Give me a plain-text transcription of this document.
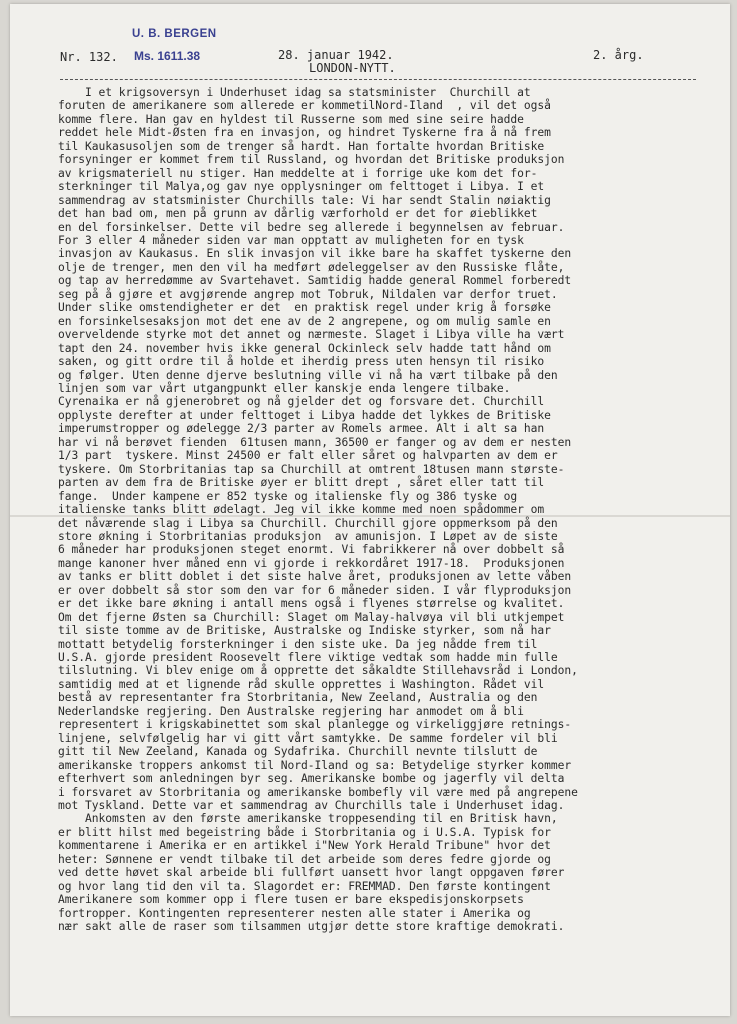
U. B. BERGEN
Ms. 1611.38
Nr. 132.	28. januar 1942.	2. årg.
LONDON-NYTT.
I et krigsoversyn i Underhuset idag sa statsminister  Churchill at
foruten de amerikanere som allerede er kommetilNord-Iland  , vil det også
komme flere. Han gav en hyldest til Russerne som med sine seire hadde
reddet hele Midt-Østen fra en invasjon, og hindret Tyskerne fra å nå frem
til Kaukasusoljen som de trenger så hardt. Han fortalte hvordan Britiske
forsyninger er kommet frem til Russland, og hvordan det Britiske produksjon
av krigsmateriell nu stiger. Han meddelte at i forrige uke kom det for-
sterkninger til Malya,og gav nye opplysninger om felttoget i Libya. I et
sammendrag av statsminister Churchills tale: Vi har sendt Stalin nøiaktig
det han bad om, men på grunn av dårlig værforhold er det for øieblikket
en del forsinkelser. Dette vil bedre seg allerede i begynnelsen av februar.
For 3 eller 4 måneder siden var man opptatt av muligheten for en tysk
invasjon av Kaukasus. En slik invasjon vil ikke bare ha skaffet tyskerne den
olje de trenger, men den vil ha medført ødeleggelser av den Russiske flåte,
og tap av herredømme av Svartehavet. Samtidig hadde general Rommel forberedt
seg på å gjøre et avgjørende angrep mot Tobruk, Nildalen var derfor truet.
Under slike omstendigheter er det  en praktisk regel under krig å forsøke
en forsinkelsesaksjon mot det ene av de 2 angrepene, og om mulig samle en
overveldende styrke mot det annet og nærmeste. Slaget i Libya ville ha vært
tapt den 24. november hvis ikke general Ockinleck selv hadde tatt hånd om
saken, og gitt ordre til å holde et iherdig press uten hensyn til risiko
og følger. Uten denne djerve beslutning ville vi nå ha vært tilbake på den
linjen som var vårt utgangpunkt eller kanskje enda lengere tilbake.
Cyrenaika er nå gjenerobret og nå gjelder det og forsvare det. Churchill
opplyste derefter at under felttoget i Libya hadde det lykkes de Britiske
imperumstropper og ødelegge 2/3 parter av Romels armee. Alt i alt sa han
har vi nå berøvet fienden  61tusen mann, 36500 er fanger og av dem er nesten
1/3 part  tyskere. Minst 24500 er falt eller såret og halvparten av dem er
tyskere. Om Storbritanias tap sa Churchill at omtrent 18tusen mann største-
parten av dem fra de Britiske øyer er blitt drept , såret eller tatt til
fange.  Under kampene er 852 tyske og italienske fly og 386 tyske og
italienske tanks blitt ødelagt. Jeg vil ikke komme med noen spådommer om
det nåværende slag i Libya sa Churchill. Churchill gjore oppmerksom på den
store økning i Storbritanias produksjon  av amunisjon. I Løpet av de siste
6 måneder har produksjonen steget enormt. Vi fabrikkerer nå over dobbelt så
mange kanoner hver måned enn vi gjorde i rekkordåret 1917-18.  Produksjonen
av tanks er blitt doblet i det siste halve året, produksjonen av lette våben
er over dobbelt så stor som den var for 6 måneder siden. I vår flyproduksjon
er det ikke bare økning i antall mens også i flyenes størrelse og kvalitet.
Om det fjerne Østen sa Churchill: Slaget om Malay-halvøya vil bli utkjempet
til siste tomme av de Britiske, Australske og Indiske styrker, som nå har
mottatt betydelig forsterkninger i den siste uke. Da jeg nådde frem til
U.S.A. gjorde president Roosevelt flere viktige vedtak som hadde min fulle
tilslutning. Vi blev enige om å opprette det såkaldte Stillehavsråd i London,
samtidig med at et lignende råd skulle opprettes i Washington. Rådet vil
bestå av representanter fra Storbritania, New Zeeland, Australia og den
Nederlandske regjering. Den Australske regjering har anmodet om å bli
representert i krigskabinettet som skal planlegge og virkeliggjøre retnings-
linjene, selvfølgelig har vi gitt vårt samtykke. De samme fordeler vil bli
gitt til New Zeeland, Kanada og Sydafrika. Churchill nevnte tilslutt de
amerikanske troppers ankomst til Nord-Iland og sa: Betydelige styrker kommer
efterhvert som anledningen byr seg. Amerikanske bombe og jagerfly vil delta
i forsvaret av Storbritania og amerikanske bombefly vil være med på angrepene
mot Tyskland. Dette var et sammendrag av Churchills tale i Underhuset idag.
Ankomsten av den første amerikanske troppesending til en Britisk havn,
er blitt hilst med begeistring både i Storbritania og i U.S.A. Typisk for
kommentarene i Amerika er en artikkel i"New York Herald Tribune" hvor det
heter: Sønnene er vendt tilbake til det arbeide som deres fedre gjorde og
ved dette høvet skal arbeide bli fullført uansett hvor langt oppgaven fører
og hvor lang tid den vil ta. Slagordet er: FREMMAD. Den første kontingent
Amerikanere som kommer opp i flere tusen er bare ekspedisjonskorpsets
fortropper. Kontingenten representerer nesten alle stater i Amerika og
nær sakt alle de raser som tilsammen utgjør dette store kraftige demokrati.
